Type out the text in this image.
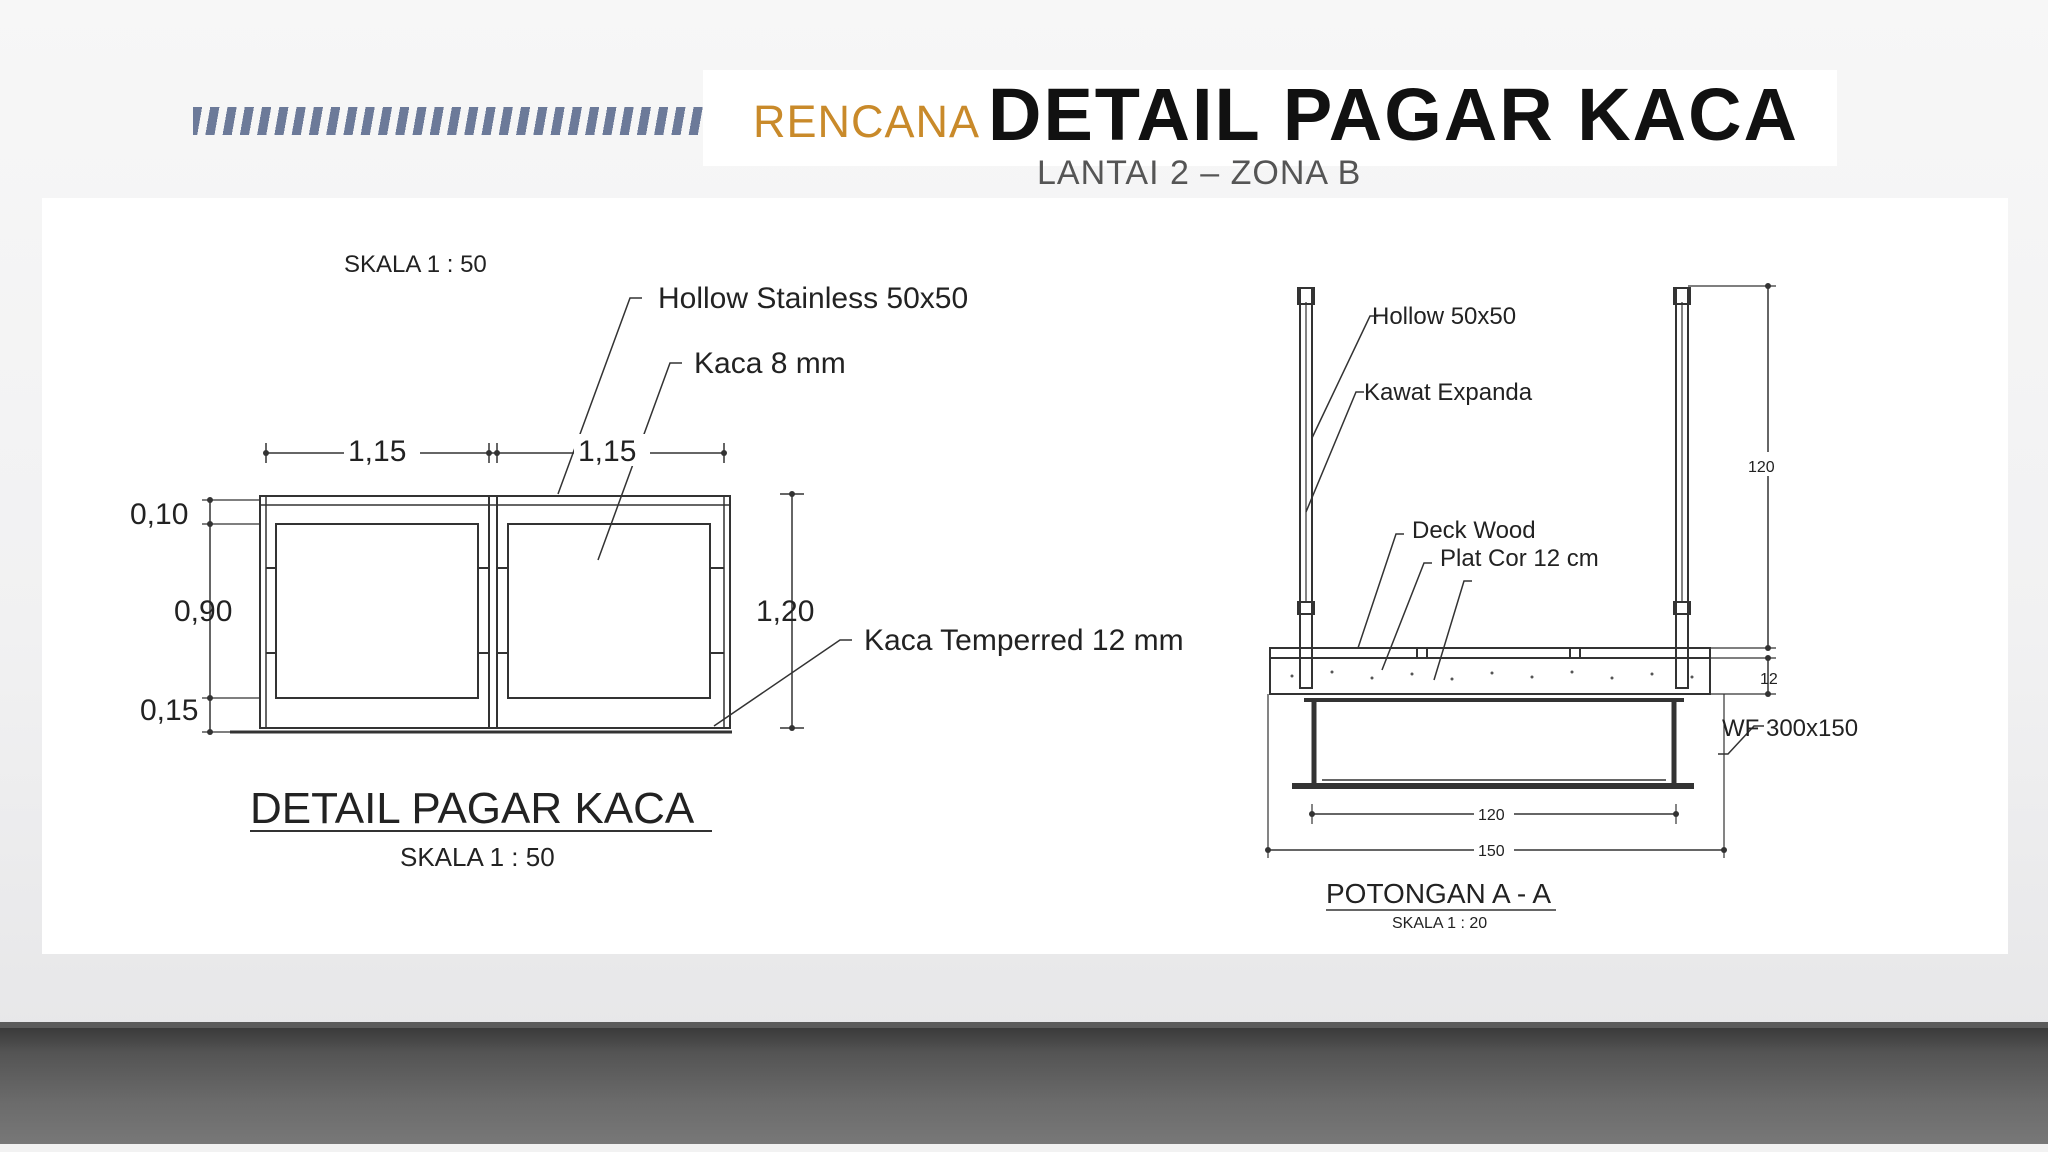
RENCANA DETAIL PAGAR KACA
LANTAI 2 – ZONA B
SKALA 1 : 50
Hollow Stainless 50x50
Kaca 8 mm
Kaca Temperred 12 mm
1,15	1,15
0,10
0,90
0,15
1,20
DETAIL PAGAR KACA
SKALA 1 : 50
Hollow 50x50
Kawat Expanda
Deck Wood
Plat Cor 12 cm
WF 300x150
120
12
120
150
POTONGAN A - A
SKALA 1 : 20
